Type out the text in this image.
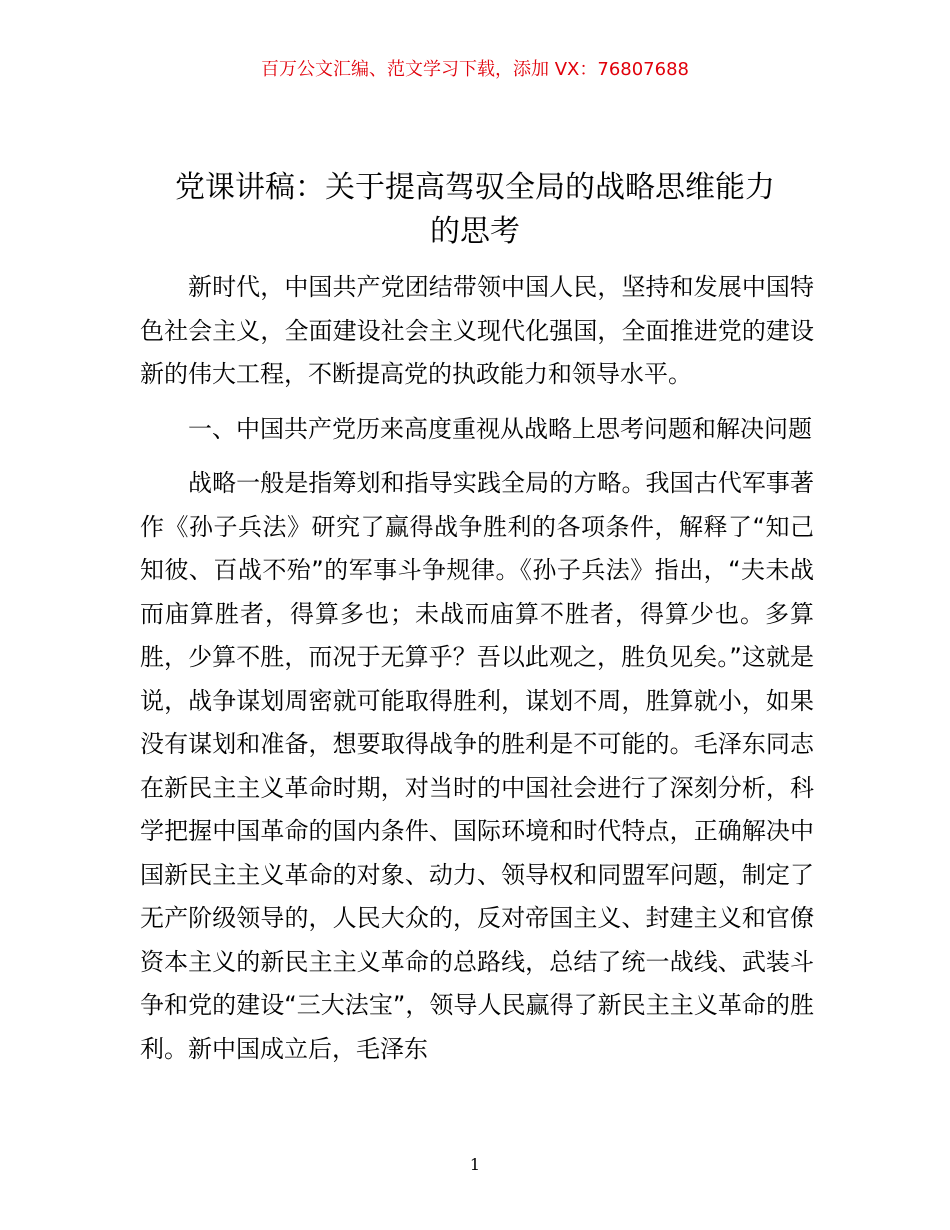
百万公文汇编、范文学习下载，添加 VX：76807688
党课讲稿：关于提高驾驭全局的战略思维能力
的思考

新时代，中国共产党团结带领中国人民，坚持和发展中国特色社会主义，全面建设社会主义现代化强国，全面推进党的建设新的伟大工程，不断提高党的执政能力和领导水平。

一、中国共产党历来高度重视从战略上思考问题和解决问题

战略一般是指筹划和指导实践全局的方略。我国古代军事著作《孙子兵法》研究了赢得战争胜利的各项条件，解释了“知己知彼、百战不殆”的军事斗争规律。《孙子兵法》指出，“夫未战而庙算胜者，得算多也；未战而庙算不胜者，得算少也。多算胜，少算不胜，而况于无算乎？吾以此观之，胜负见矣。”这就是说，战争谋划周密就可能取得胜利，谋划不周，胜算就小，如果没有谋划和准备，想要取得战争的胜利是不可能的。毛泽东同志在新民主主义革命时期，对当时的中国社会进行了深刻分析，科学把握中国革命的国内条件、国际环境和时代特点，正确解决中国新民主主义革命的对象、动力、领导权和同盟军问题，制定了无产阶级领导的，人民大众的，反对帝国主义、封建主义和官僚资本主义的新民主主义革命的总路线，总结了统一战线、武装斗争和党的建设“三大法宝”，领导人民赢得了新民主主义革命的胜利。新中国成立后，毛泽东

1
